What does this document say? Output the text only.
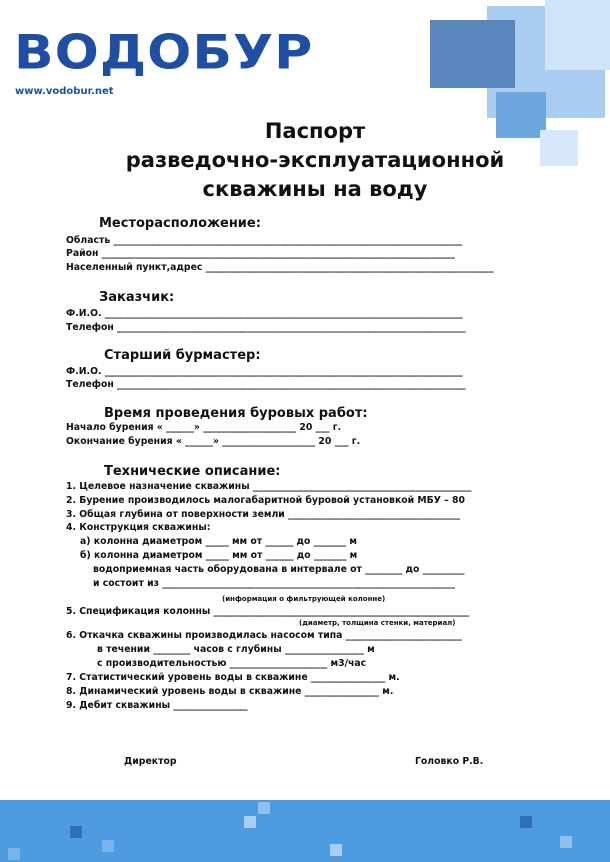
ВОДОБУР
www.vodobur.net
Паспорт
разведочно-эксплуатационной
скважины на воду
Месторасположение:
Область ___________________________________________________________________________
Район ____________________________________________________________________________
Населенный пункт,адрес ______________________________________________________________
Заказчик:
Ф.И.О. _____________________________________________________________________________
Телефон ___________________________________________________________________________
Старший бурмастер:
Ф.И.О. _____________________________________________________________________________
Телефон ___________________________________________________________________________
Время проведения буровых работ:
Начало бурения « ______» ____________________ 20 ___ г.
Окончание бурения « ______» ____________________ 20 ___ г.
Технические описание:
1. Целевое назначение скважины _______________________________________________
2. Бурение производилось малогабаритной буровой установкой МБУ – 80
3. Общая глубина от поверхности земли _____________________________________
4. Конструкция скважины:
а) колонна диаметром _____ мм от ______ до _______ м
б) колонна диаметром _____ мм от ______ до _______ м
водоприемная часть оборудована в интервале от ________ до _________
и состоит из _______________________________________________________________
(информация о фильтрующей колонне)
5. Спецификация колонны _______________________________________________________
(диаметр, толщина стенки, материал)
6. Откачка скважины производилась насосом типа _________________________
в течении ________ часов с глубины _________________ м
с производительностью _____________________ м3/час
7. Статистический уровень воды в скважине ________________ м.
8. Динамический уровень воды в скважине ________________ м.
9. Дебит скважины ________________
Директор	Головко Р.В.
